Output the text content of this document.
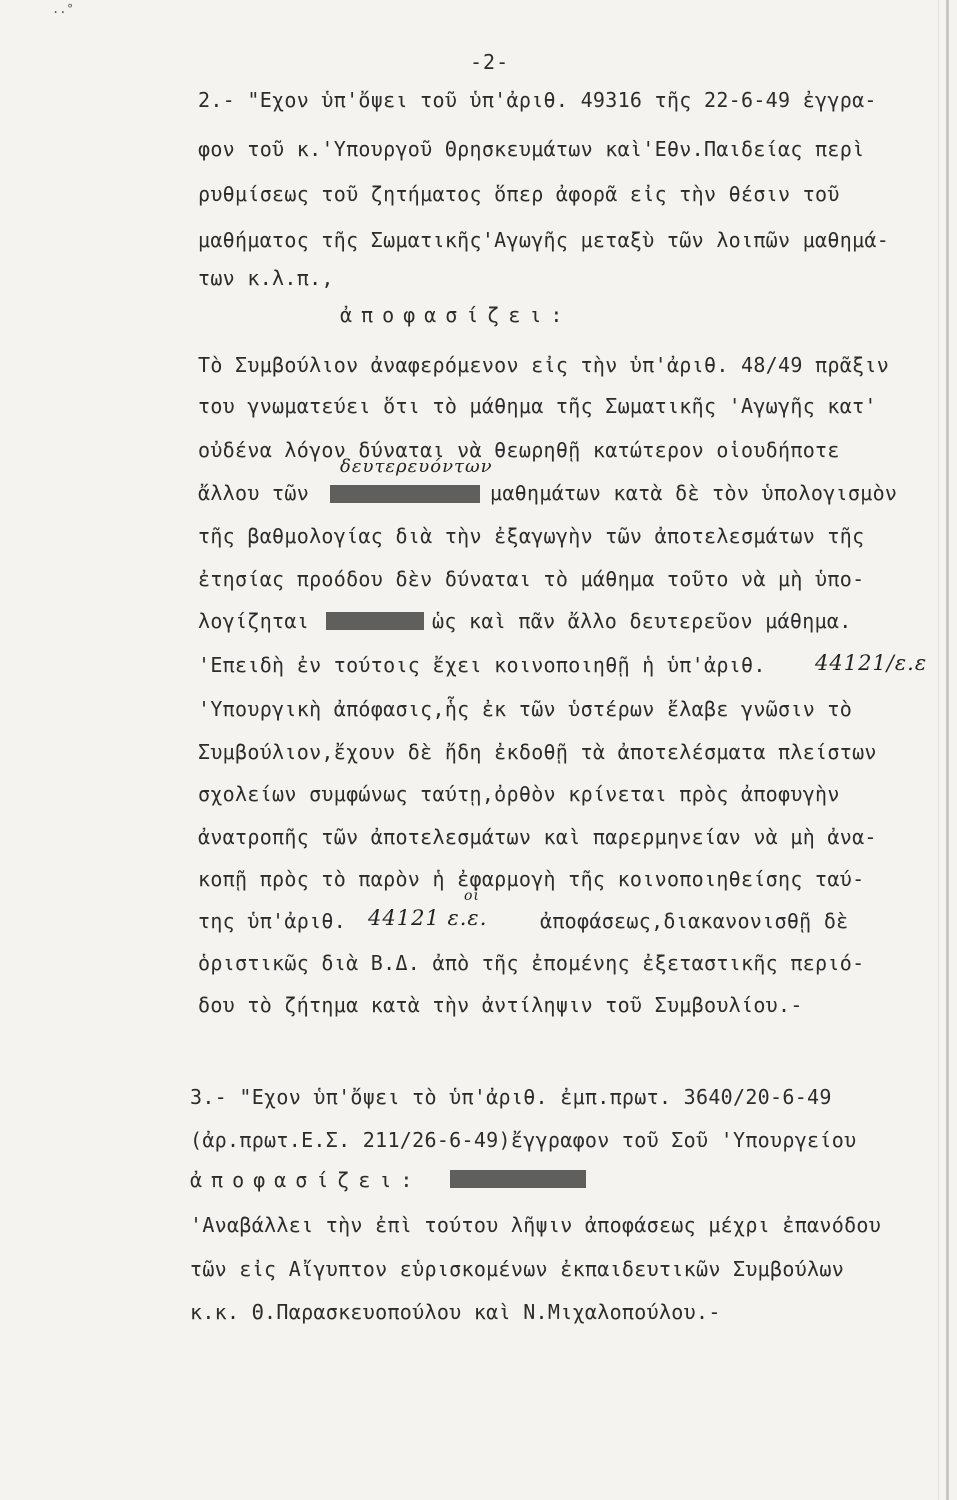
..°
-2-
2.- "Εχον ὑπ'ὄψει τοῦ ὑπ'ἀριθ. 49316 τῆς 22-6-49 ἐγγρα-
φον τοῦ κ.'Υπουργοῦ Θρησκευμάτων καὶ'Εθν.Παιδείας περὶ
ρυθμίσεως τοῦ ζητήματος ὅπερ ἀφορᾶ εἰς τὴν θέσιν τοῦ
μαθήματος τῆς Σωματικῆς'Αγωγῆς μεταξὺ τῶν λοιπῶν μαθημά-
των κ.λ.π.,
ἀποφασίζει:
Τὸ Συμβούλιον ἀναφερόμενον εἰς τὴν ὑπ'ἀριθ. 48/49 πρᾶξιν
του γνωματεύει ὅτι τὸ μάθημα τῆς Σωματικῆς 'Αγωγῆς κατ'
οὐδένα λόγον δύναται νὰ θεωρηθῇ κατώτερον οἱουδήποτε
δευτερευόντων
ἄλλου τῶν	μαθημάτων κατὰ δὲ τὸν ὑπολογισμὸν
τῆς βαθμολογίας διὰ τὴν ἐξαγωγὴν τῶν ἀποτελεσμάτων τῆς
ἐτησίας προόδου δὲν δύναται τὸ μάθημα τοῦτο νὰ μὴ ὑπο-
λογίζηται	ὡς καὶ πᾶν ἄλλο δευτερεῦον μάθημα.
'Επειδὴ ἐν τούτοις ἔχει κοινοποιηθῇ ἡ ὑπ'ἀριθ. 44121/ε.ε
'Υπουργικὴ ἀπόφασις,ἧς ἐκ τῶν ὑστέρων ἔλαβε γνῶσιν τὸ
Συμβούλιον,ἔχουν δὲ ἤδη ἐκδοθῇ τὰ ἀποτελέσματα πλείστων
σχολείων συμφώνως ταύτῃ,ὀρθὸν κρίνεται πρὸς ἀποφυγὴν
ἀνατροπῆς τῶν ἀποτελεσμάτων καὶ παρερμηνείαν νὰ μὴ ἀνα-
κοπῇ πρὸς τὸ παρὸν ἡ ἐφαρμογὴ τῆς κοινοποιηθείσης ταύ-
οἱ
της ὑπ'ἀριθ. 44121 ε.ε.	ἀποφάσεως,διακανονισθῇ δὲ
ὁριστικῶς διὰ Β.Δ. ἀπὸ τῆς ἐπομένης ἐξεταστικῆς περιό-
δου τὸ ζήτημα κατὰ τὴν ἀντίληψιν τοῦ Συμβουλίου.-
3.- "Εχον ὑπ'ὄψει τὸ ὑπ'ἀριθ. ἐμπ.πρωτ. 3640/20-6-49
(ἀρ.πρωτ.Ε.Σ. 211/26-6-49)ἔγγραφον τοῦ Σοῦ 'Υπουργείου
ἀποφασίζει:
'Αναβάλλει τὴν ἐπὶ τούτου λῆψιν ἀποφάσεως μέχρι ἐπανόδου
τῶν εἰς Αἴγυπτον εὑρισκομένων ἐκπαιδευτικῶν Συμβούλων
κ.κ. Θ.Παρασκευοπούλου καὶ Ν.Μιχαλοπούλου.-
